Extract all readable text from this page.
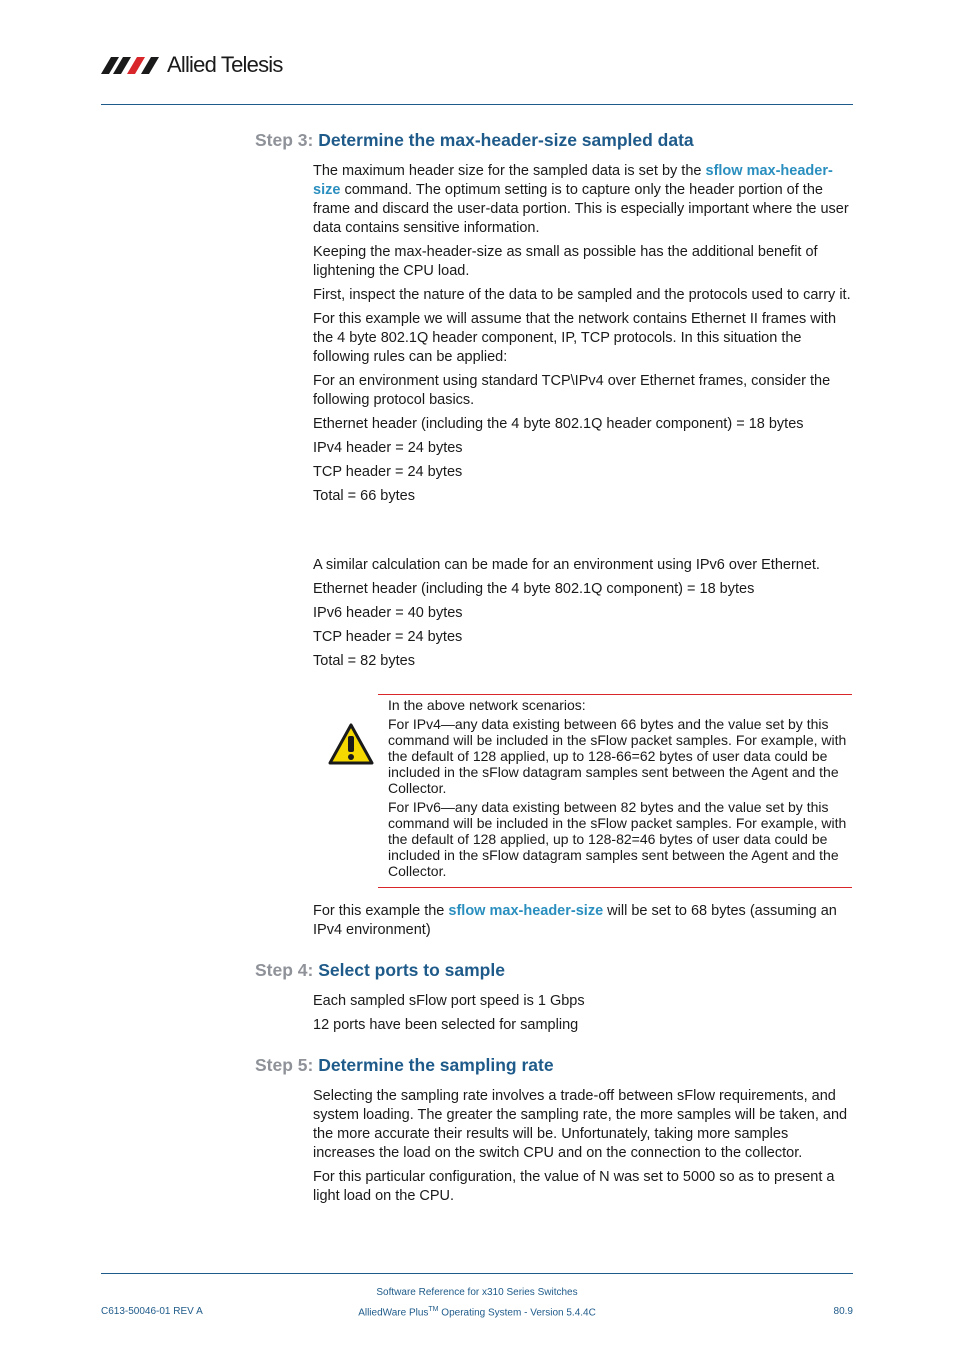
Allied Telesis
Step 3: Determine the max-header-size sampled data

The maximum header size for the sampled data is set by the sflow max-header-size command. The optimum setting is to capture only the header portion of the frame and discard the user-data portion. This is especially important where the user data contains sensitive information.

Keeping the max-header-size as small as possible has the additional benefit of lightening the CPU load.

First, inspect the nature of the data to be sampled and the protocols used to carry it.

For this example we will assume that the network contains Ethernet II frames with the 4 byte 802.1Q header component, IP, TCP protocols. In this situation the following rules can be applied:

For an environment using standard TCP\IPv4 over Ethernet frames, consider the following protocol basics.

Ethernet header (including the 4 byte 802.1Q header component) = 18 bytes

IPv4 header = 24 bytes

TCP header = 24 bytes

Total = 66 bytes

A similar calculation can be made for an environment using IPv6 over Ethernet.

Ethernet header (including the 4 byte 802.1Q component) = 18 bytes

IPv6 header = 40 bytes

TCP header = 24 bytes

Total = 82 bytes

In the above network scenarios:

For IPv4—any data existing between 66 bytes and the value set by this command will be included in the sFlow packet samples. For example, with the default of 128 applied, up to 128-66=62 bytes of user data could be included in the sFlow datagram samples sent between the Agent and the Collector.

For IPv6—any data existing between 82 bytes and the value set by this command will be included in the sFlow packet samples. For example, with the default of 128 applied, up to 128-82=46 bytes of user data could be included in the sFlow datagram samples sent between the Agent and the Collector.

For this example the sflow max-header-size will be set to 68 bytes (assuming an IPv4 environment)

Step 4: Select ports to sample

Each sampled sFlow port speed is 1 Gbps

12 ports have been selected for sampling

Step 5: Determine the sampling rate

Selecting the sampling rate involves a trade-off between sFlow requirements, and system loading. The greater the sampling rate, the more samples will be taken, and the more accurate their results will be. Unfortunately, taking more samples increases the load on the switch CPU and on the connection to the collector.

For this particular configuration, the value of N was set to 5000 so as to present a light load on the CPU.

Software Reference for x310 Series Switches
AlliedWare Plus™ Operating System - Version 5.4.4C
C613-50046-01 REV A	80.9
